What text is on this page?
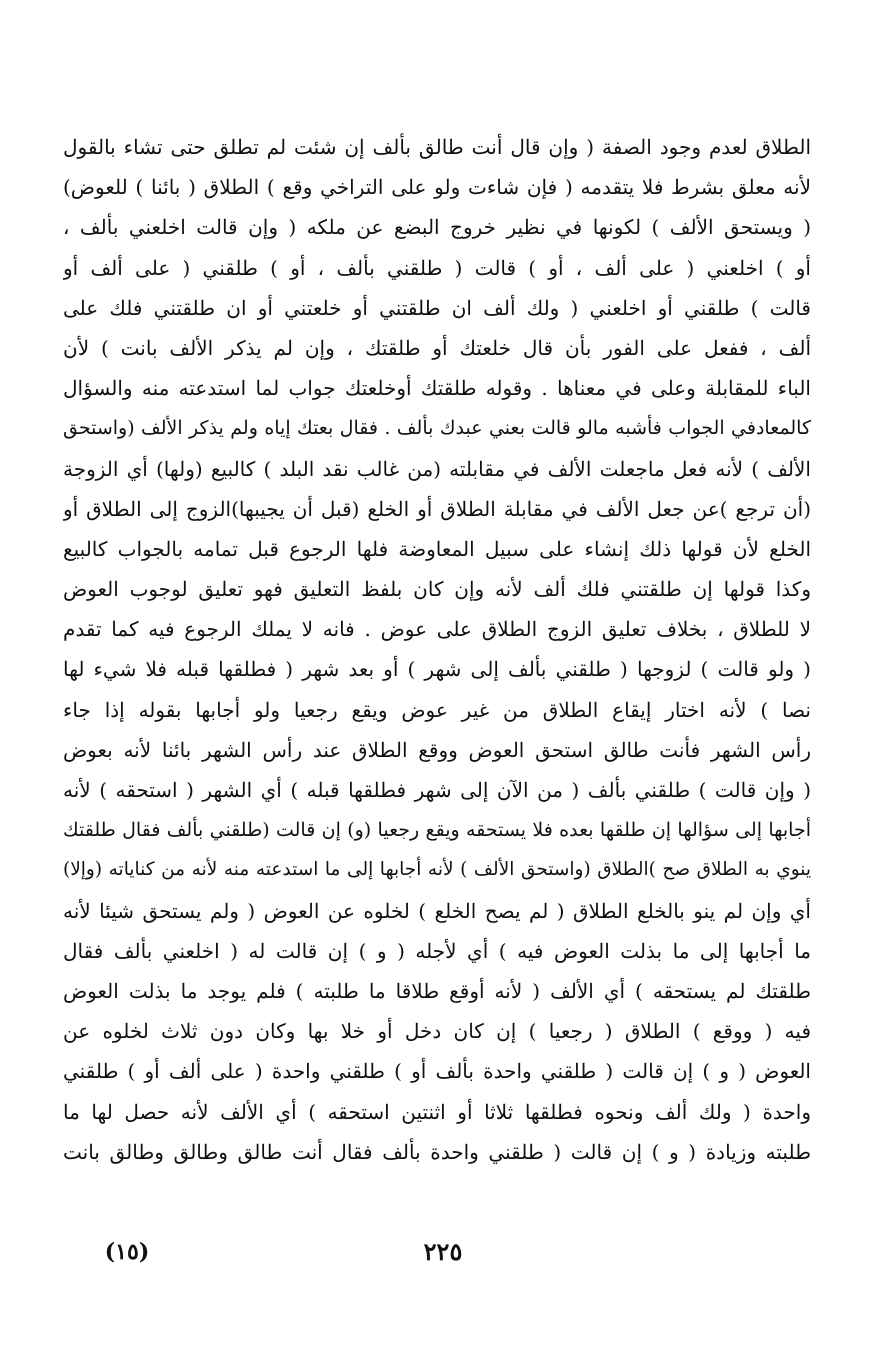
الطلاق لعدم وجود الصفة ( وإن قال أنت طالق بألف إن شئت لم تطلق حتى تشاء بالقول
لأنه معلق بشرط فلا يتقدمه ( فإن شاءت ولو على التراخي وقع ) الطلاق ( بائنا ) للعوض)
( ويستحق الألف ) لكونها في نظير خروج البضع عن ملكه ( وإن قالت اخلعني بألف ،
أو ) اخلعني ( على ألف ، أو ) قالت ( طلقني بألف ، أو ) طلقني ( على ألف أو
قالت ) طلقني أو اخلعني ( ولك ألف ان طلقتني أو خلعتني أو ان طلقتني فلك على
ألف ، ففعل على الفور بأن قال خلعتك أو طلقتك ، وإن لم يذكر الألف بانت ) لأن
الباء للمقابلة وعلى في معناها . وقوله طلقتك أوخلعتك جواب لما استدعته منه والسؤال
كالمعادفي الجواب فأشبه مالو قالت بعني عبدك بألف . فقال بعتك إياه ولم يذكر الألف (واستحق
الألف ) لأنه فعل ماجعلت الألف في مقابلته (من غالب نقد البلد ) كالبيع (ولها) أي الزوجة
(أن ترجع )عن جعل الألف في مقابلة الطلاق أو الخلع (قبل أن يجيبها)الزوج إلى الطلاق أو
الخلع لأن قولها ذلك إنشاء على سبيل المعاوضة فلها الرجوع قبل تمامه بالجواب كالبيع
وكذا قولها إن طلقتني فلك ألف لأنه وإن كان بلفظ التعليق فهو تعليق لوجوب العوض
لا للطلاق ، بخلاف تعليق الزوج الطلاق على عوض . فانه لا يملك الرجوع فيه كما تقدم
( ولو قالت ) لزوجها ( طلقني بألف إلى شهر ) أو بعد شهر ( فطلقها قبله فلا شيء لها
نصا ) لأنه اختار إيقاع الطلاق من غير عوض ويقع رجعيا ولو أجابها بقوله إذا جاء
رأس الشهر فأنت طالق استحق العوض ووقع الطلاق عند رأس الشهر بائنا لأنه بعوض
( وإن قالت ) طلقني بألف ( من الآن إلى شهر فطلقها قبله ) أي الشهر ( استحقه ) لأنه
أجابها إلى سؤالها إن طلقها بعده فلا يستحقه ويقع رجعيا (و) إن قالت (طلقني بألف فقال طلقتك
ينوي به الطلاق صح )الطلاق (واستحق الألف ) لأنه أجابها إلى ما استدعته منه لأنه من كناياته (وإلا)
أي وإن لم ينو بالخلع الطلاق ( لم يصح الخلع ) لخلوه عن العوض ( ولم يستحق شيئا لأنه
ما أجابها إلى ما بذلت العوض فيه ) أي لأجله ( و ) إن قالت له ( اخلعني بألف فقال
طلقتك لم يستحقه ) أي الألف ( لأنه أوقع طلاقا ما طلبته ) فلم يوجد ما بذلت العوض
فيه ( ووقع ) الطلاق ( رجعيا ) إن كان دخل أو خلا بها وكان دون ثلاث لخلوه عن
العوض ( و ) إن قالت ( طلقني واحدة بألف أو ) طلقني واحدة ( على ألف أو ) طلقني
واحدة ( ولك ألف ونحوه فطلقها ثلاثا أو اثنتين استحقه ) أي الألف لأنه حصل لها ما
طلبته وزيادة ( و ) إن قالت ( طلقني واحدة بألف فقال أنت طالق وطالق وطالق بانت
٢٢٥
(١٥)
